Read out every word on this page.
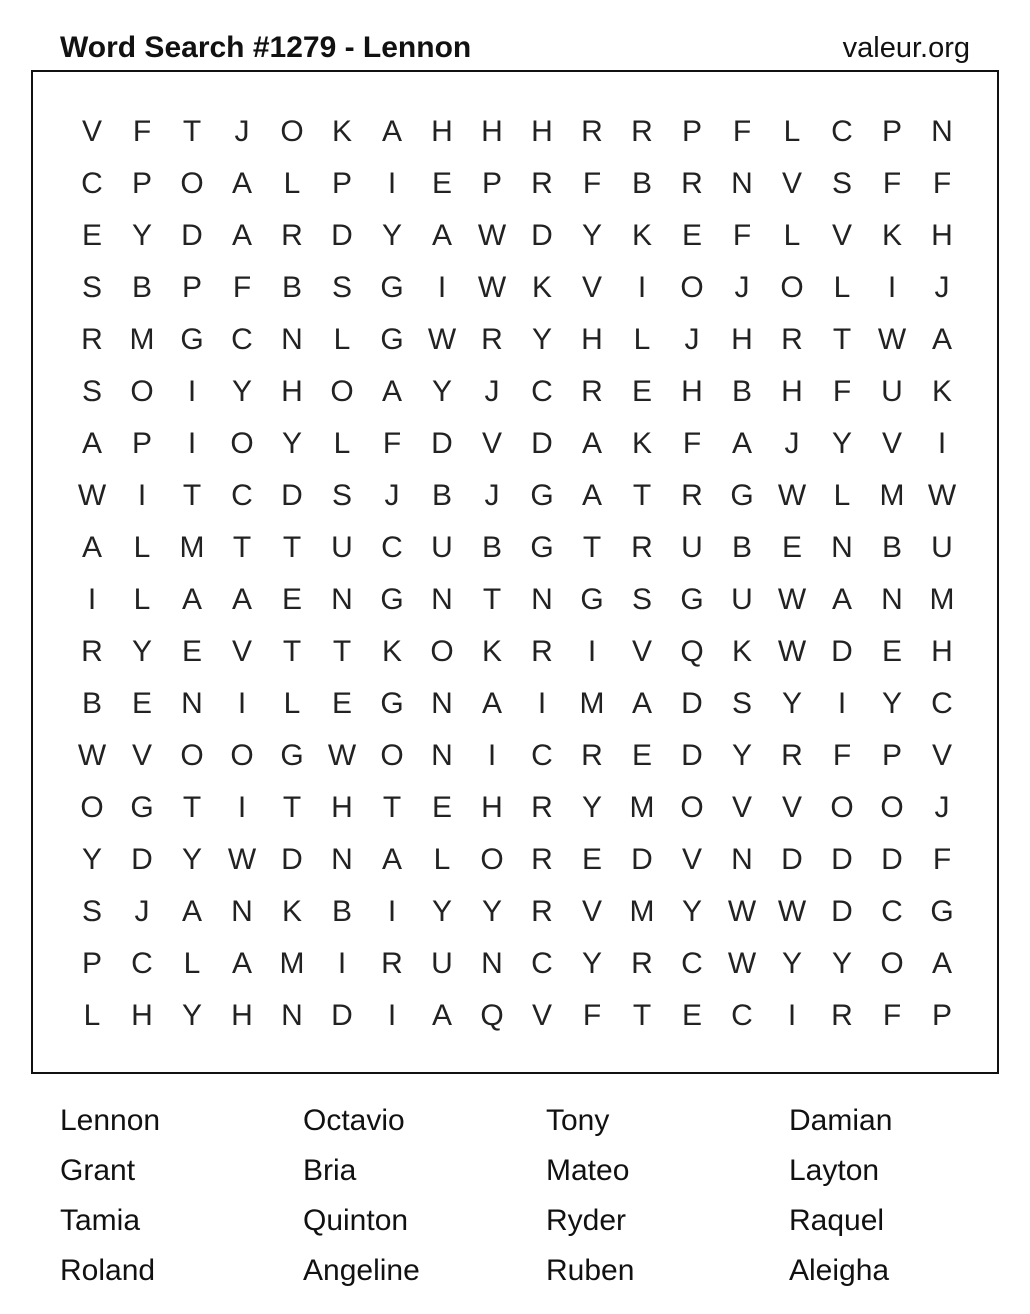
Word Search #1279 - Lennon	valeur.org
V	F	T	J	O K A H H H R R P	F	L	C P N
C P O A	L	P	I	E P R	F	B R N V S	F	F
E Y D A R D Y A W D Y K E	F	L	V K H
S B P	F	B S G	I	W K V	I	O	J	O L	I	J
R M G C N	L G W R Y H	L	J	H R	T W A
S O	I	Y H O A Y	J	C R E H B H	F	U K
A P	I	O Y	L	F	D V D A K	F	A	J	Y V	I
W	I	T	C D S	J	B	J	G A	T	R G W L M W
A	L M T	T	U C U B G T	R U B E N B U
I	L	A A E N G N	T	N G S G U W A N M
R Y E V	T	T	K O K R	I	V Q K W D E H
B E N	I	L	E G N A	I	M A D S Y	I	Y C
W V O O G W O N	I	C R E D Y R	F	P V
O G T	I	T	H	T	E H R Y M O V V O O	J
Y D Y W D N A	L O R E D V N D D D	F
S	J	A N K B	I	Y Y R V M Y W W D C G
P C	L	A M	I	R U N C Y R C W Y Y O A
L	H Y H N D	I	A Q V	F	T	E C	I	R	F	P
Lennon	Octavio	Tony	Damian
Grant	Bria	Mateo	Layton
Tamia	Quinton	Ryder	Raquel
Roland	Angeline	Ruben	Aleigha
